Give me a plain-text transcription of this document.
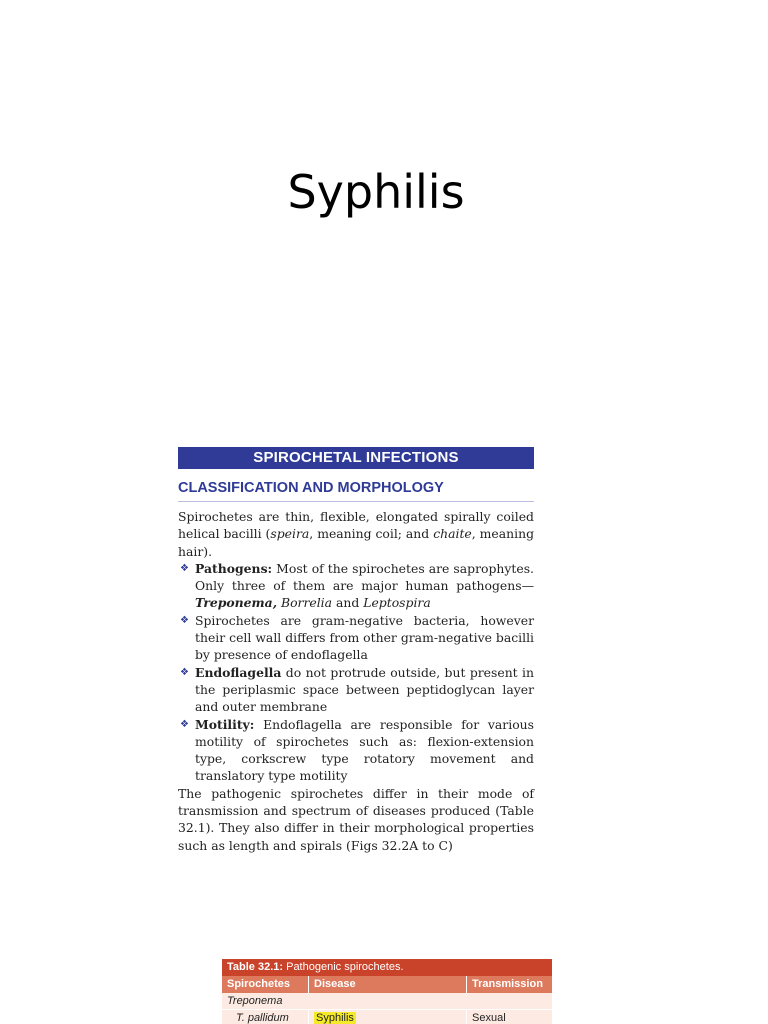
Syphilis
SPIROCHETAL INFECTIONS
CLASSIFICATION AND MORPHOLOGY

Spirochetes are thin, flexible, elongated spirally coiled helical bacilli (speira, meaning coil; and chaite, meaning hair).

❖ Pathogens: Most of the spirochetes are saprophytes. Only three of them are major human pathogens—Treponema, Borrelia and Leptospira
❖ Spirochetes are gram-negative bacteria, however their cell wall differs from other gram-negative bacilli by presence of endoflagella
❖ Endoflagella do not protrude outside, but present in the periplasmic space between peptidoglycan layer and outer membrane
❖ Motility: Endoflagella are responsible for various motility of spirochetes such as: flexion-extension type, corkscrew type rotatory movement and translatory type motility

The pathogenic spirochetes differ in their mode of transmission and spectrum of diseases produced (Table 32.1). They also differ in their morphological properties such as length and spirals (Figs 32.2A to C)

Table 32.1: Pathogenic spirochetes.
Spirochetes	Disease	Transmission
Treponema
T. pallidum	Syphilis	Sexual
